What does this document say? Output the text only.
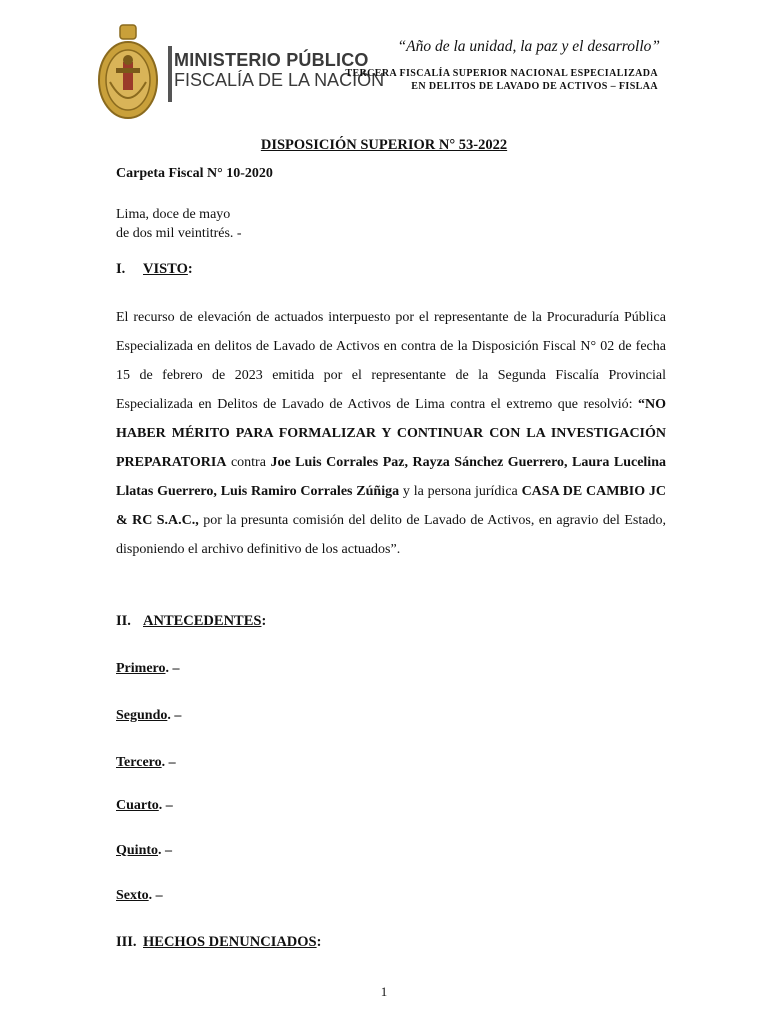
MINISTERIO PÚBLICO
FISCALÍA DE LA NACIÓN
“Año de la unidad, la paz y el desarrollo”
TERCERA FISCALÍA SUPERIOR NACIONAL ESPECIALIZADA
EN DELITOS DE LAVADO DE ACTIVOS – FISLAA
DISPOSICIÓN SUPERIOR N° 53-2022
Carpeta Fiscal N° 10-2020
Lima, doce de mayo
de dos mil veintitrés. -
I. VISTO:
El recurso de elevación de actuados interpuesto por el representante de la Procuraduría Pública Especializada en delitos de Lavado de Activos en contra de la Disposición Fiscal N° 02 de fecha 15 de febrero de 2023 emitida por el representante de la Segunda Fiscalía Provincial Especializada en Delitos de Lavado de Activos de Lima contra el extremo que resolvió: “NO HABER MÉRITO PARA FORMALIZAR Y CONTINUAR CON LA INVESTIGACIÓN PREPARATORIA contra Joe Luis Corrales Paz, Rayza Sánchez Guerrero, Laura Lucelina Llatas Guerrero, Luis Ramiro Corrales Zúñiga y la persona jurídica CASA DE CAMBIO JC & RC S.A.C., por la presunta comisión del delito de Lavado de Activos, en agravio del Estado, disponiendo el archivo definitivo de los actuados”.
II. ANTECEDENTES:
Primero. –
Segundo. –
Tercero. –
Cuarto. –
Quinto. –
Sexto. –
III. HECHOS DENUNCIADOS:
1
